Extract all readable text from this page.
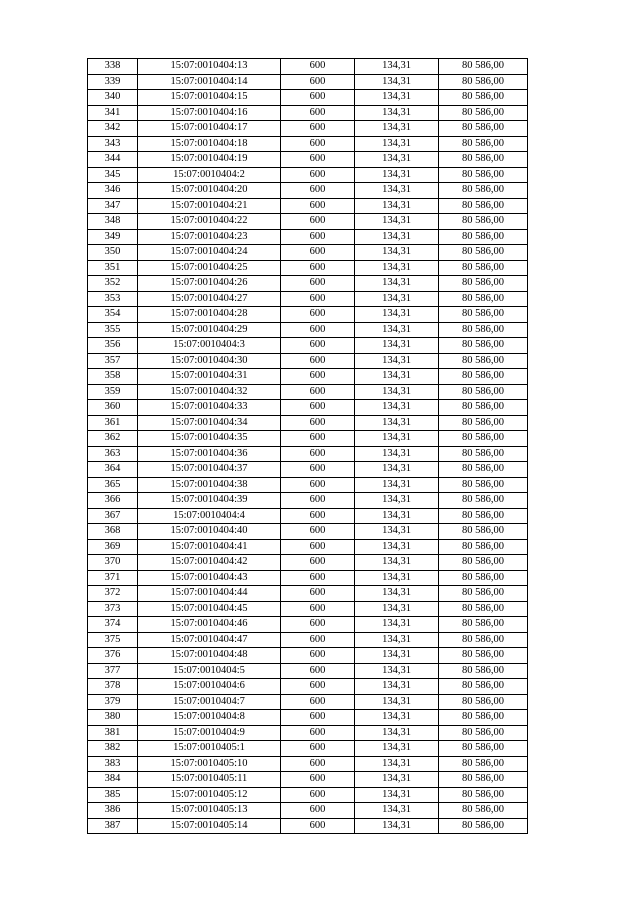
338	15:07:0010404:13	600	134,31	80 586,00
339	15:07:0010404:14	600	134,31	80 586,00
340	15:07:0010404:15	600	134,31	80 586,00
341	15:07:0010404:16	600	134,31	80 586,00
342	15:07:0010404:17	600	134,31	80 586,00
343	15:07:0010404:18	600	134,31	80 586,00
344	15:07:0010404:19	600	134,31	80 586,00
345	15:07:0010404:2	600	134,31	80 586,00
346	15:07:0010404:20	600	134,31	80 586,00
347	15:07:0010404:21	600	134,31	80 586,00
348	15:07:0010404:22	600	134,31	80 586,00
349	15:07:0010404:23	600	134,31	80 586,00
350	15:07:0010404:24	600	134,31	80 586,00
351	15:07:0010404:25	600	134,31	80 586,00
352	15:07:0010404:26	600	134,31	80 586,00
353	15:07:0010404:27	600	134,31	80 586,00
354	15:07:0010404:28	600	134,31	80 586,00
355	15:07:0010404:29	600	134,31	80 586,00
356	15:07:0010404:3	600	134,31	80 586,00
357	15:07:0010404:30	600	134,31	80 586,00
358	15:07:0010404:31	600	134,31	80 586,00
359	15:07:0010404:32	600	134,31	80 586,00
360	15:07:0010404:33	600	134,31	80 586,00
361	15:07:0010404:34	600	134,31	80 586,00
362	15:07:0010404:35	600	134,31	80 586,00
363	15:07:0010404:36	600	134,31	80 586,00
364	15:07:0010404:37	600	134,31	80 586,00
365	15:07:0010404:38	600	134,31	80 586,00
366	15:07:0010404:39	600	134,31	80 586,00
367	15:07:0010404:4	600	134,31	80 586,00
368	15:07:0010404:40	600	134,31	80 586,00
369	15:07:0010404:41	600	134,31	80 586,00
370	15:07:0010404:42	600	134,31	80 586,00
371	15:07:0010404:43	600	134,31	80 586,00
372	15:07:0010404:44	600	134,31	80 586,00
373	15:07:0010404:45	600	134,31	80 586,00
374	15:07:0010404:46	600	134,31	80 586,00
375	15:07:0010404:47	600	134,31	80 586,00
376	15:07:0010404:48	600	134,31	80 586,00
377	15:07:0010404:5	600	134,31	80 586,00
378	15:07:0010404:6	600	134,31	80 586,00
379	15:07:0010404:7	600	134,31	80 586,00
380	15:07:0010404:8	600	134,31	80 586,00
381	15:07:0010404:9	600	134,31	80 586,00
382	15:07:0010405:1	600	134,31	80 586,00
383	15:07:0010405:10	600	134,31	80 586,00
384	15:07:0010405:11	600	134,31	80 586,00
385	15:07:0010405:12	600	134,31	80 586,00
386	15:07:0010405:13	600	134,31	80 586,00
387	15:07:0010405:14	600	134,31	80 586,00
